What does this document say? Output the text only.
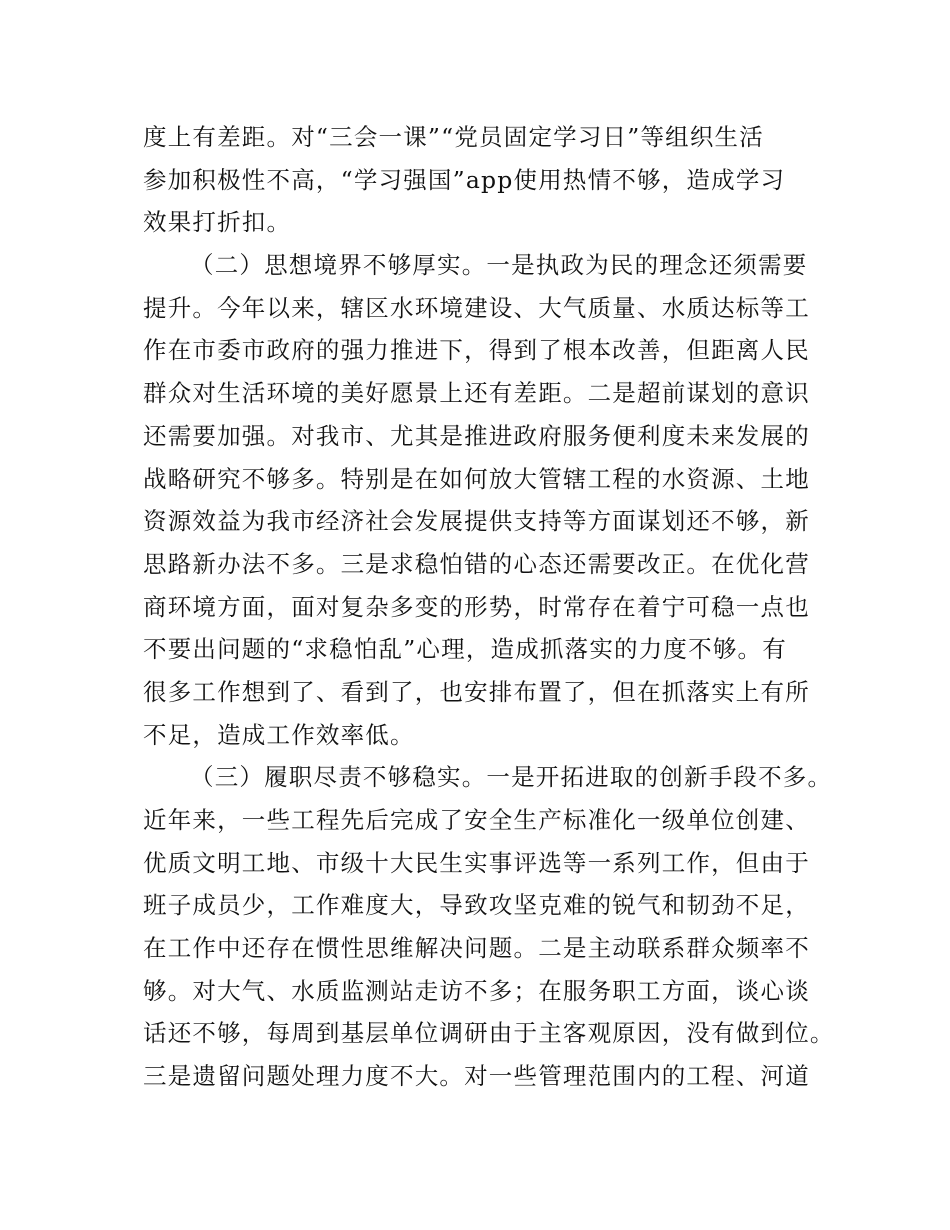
度上有差距。对“三会一课”“党员固定学习日”等组织生活
参加积极性不高，“学习强国”app使用热情不够，造成学习
效果打折扣。
（二）思想境界不够厚实。一是执政为民的理念还须需要
提升。今年以来，辖区水环境建设、大气质量、水质达标等工
作在市委市政府的强力推进下，得到了根本改善，但距离人民
群众对生活环境的美好愿景上还有差距。二是超前谋划的意识
还需要加强。对我市、尤其是推进政府服务便利度未来发展的
战略研究不够多。特别是在如何放大管辖工程的水资源、土地
资源效益为我市经济社会发展提供支持等方面谋划还不够，新
思路新办法不多。三是求稳怕错的心态还需要改正。在优化营
商环境方面，面对复杂多变的形势，时常存在着宁可稳一点也
不要出问题的“求稳怕乱”心理，造成抓落实的力度不够。有
很多工作想到了、看到了，也安排布置了，但在抓落实上有所
不足，造成工作效率低。
（三）履职尽责不够稳实。一是开拓进取的创新手段不多。
近年来，一些工程先后完成了安全生产标准化一级单位创建、
优质文明工地、市级十大民生实事评选等一系列工作，但由于
班子成员少，工作难度大，导致攻坚克难的锐气和韧劲不足，
在工作中还存在惯性思维解决问题。二是主动联系群众频率不
够。对大气、水质监测站走访不多；在服务职工方面，谈心谈
话还不够，每周到基层单位调研由于主客观原因，没有做到位。
三是遗留问题处理力度不大。对一些管理范围内的工程、河道
